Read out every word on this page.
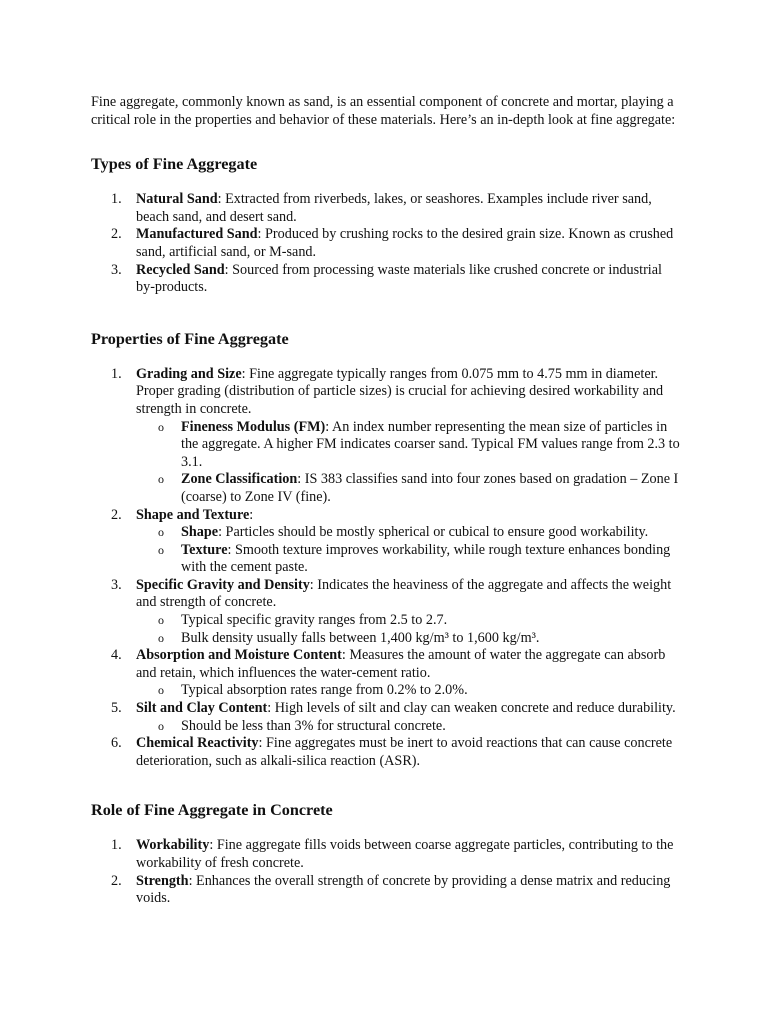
Fine aggregate, commonly known as sand, is an essential component of concrete and mortar, playing a critical role in the properties and behavior of these materials. Here’s an in-depth look at fine aggregate:

Types of Fine Aggregate
1.	Natural Sand: Extracted from riverbeds, lakes, or seashores. Examples include river sand, beach sand, and desert sand.
2.	Manufactured Sand: Produced by crushing rocks to the desired grain size. Known as crushed sand, artificial sand, or M-sand.
3.	Recycled Sand: Sourced from processing waste materials like crushed concrete or industrial by-products.
Properties of Fine Aggregate
1.	Grading and Size: Fine aggregate typically ranges from 0.075 mm to 4.75 mm in diameter. Proper grading (distribution of particle sizes) is crucial for achieving desired workability and strength in concrete.
o Fineness Modulus (FM): An index number representing the mean size of particles in the aggregate. A higher FM indicates coarser sand. Typical FM values range from 2.3 to 3.1.
o Zone Classification: IS 383 classifies sand into four zones based on gradation – Zone I (coarse) to Zone IV (fine).
2.	Shape and Texture:
o Shape: Particles should be mostly spherical or cubical to ensure good workability.
o Texture: Smooth texture improves workability, while rough texture enhances bonding with the cement paste.
3.	Specific Gravity and Density: Indicates the heaviness of the aggregate and affects the weight and strength of concrete.
o Typical specific gravity ranges from 2.5 to 2.7.
o Bulk density usually falls between 1,400 kg/m³ to 1,600 kg/m³.
4.	Absorption and Moisture Content: Measures the amount of water the aggregate can absorb and retain, which influences the water-cement ratio.
o Typical absorption rates range from 0.2% to 2.0%.
5.	Silt and Clay Content: High levels of silt and clay can weaken concrete and reduce durability.
o Should be less than 3% for structural concrete.
6.	Chemical Reactivity: Fine aggregates must be inert to avoid reactions that can cause concrete deterioration, such as alkali-silica reaction (ASR).
Role of Fine Aggregate in Concrete
1.	Workability: Fine aggregate fills voids between coarse aggregate particles, contributing to the workability of fresh concrete.
2.	Strength: Enhances the overall strength of concrete by providing a dense matrix and reducing voids.
